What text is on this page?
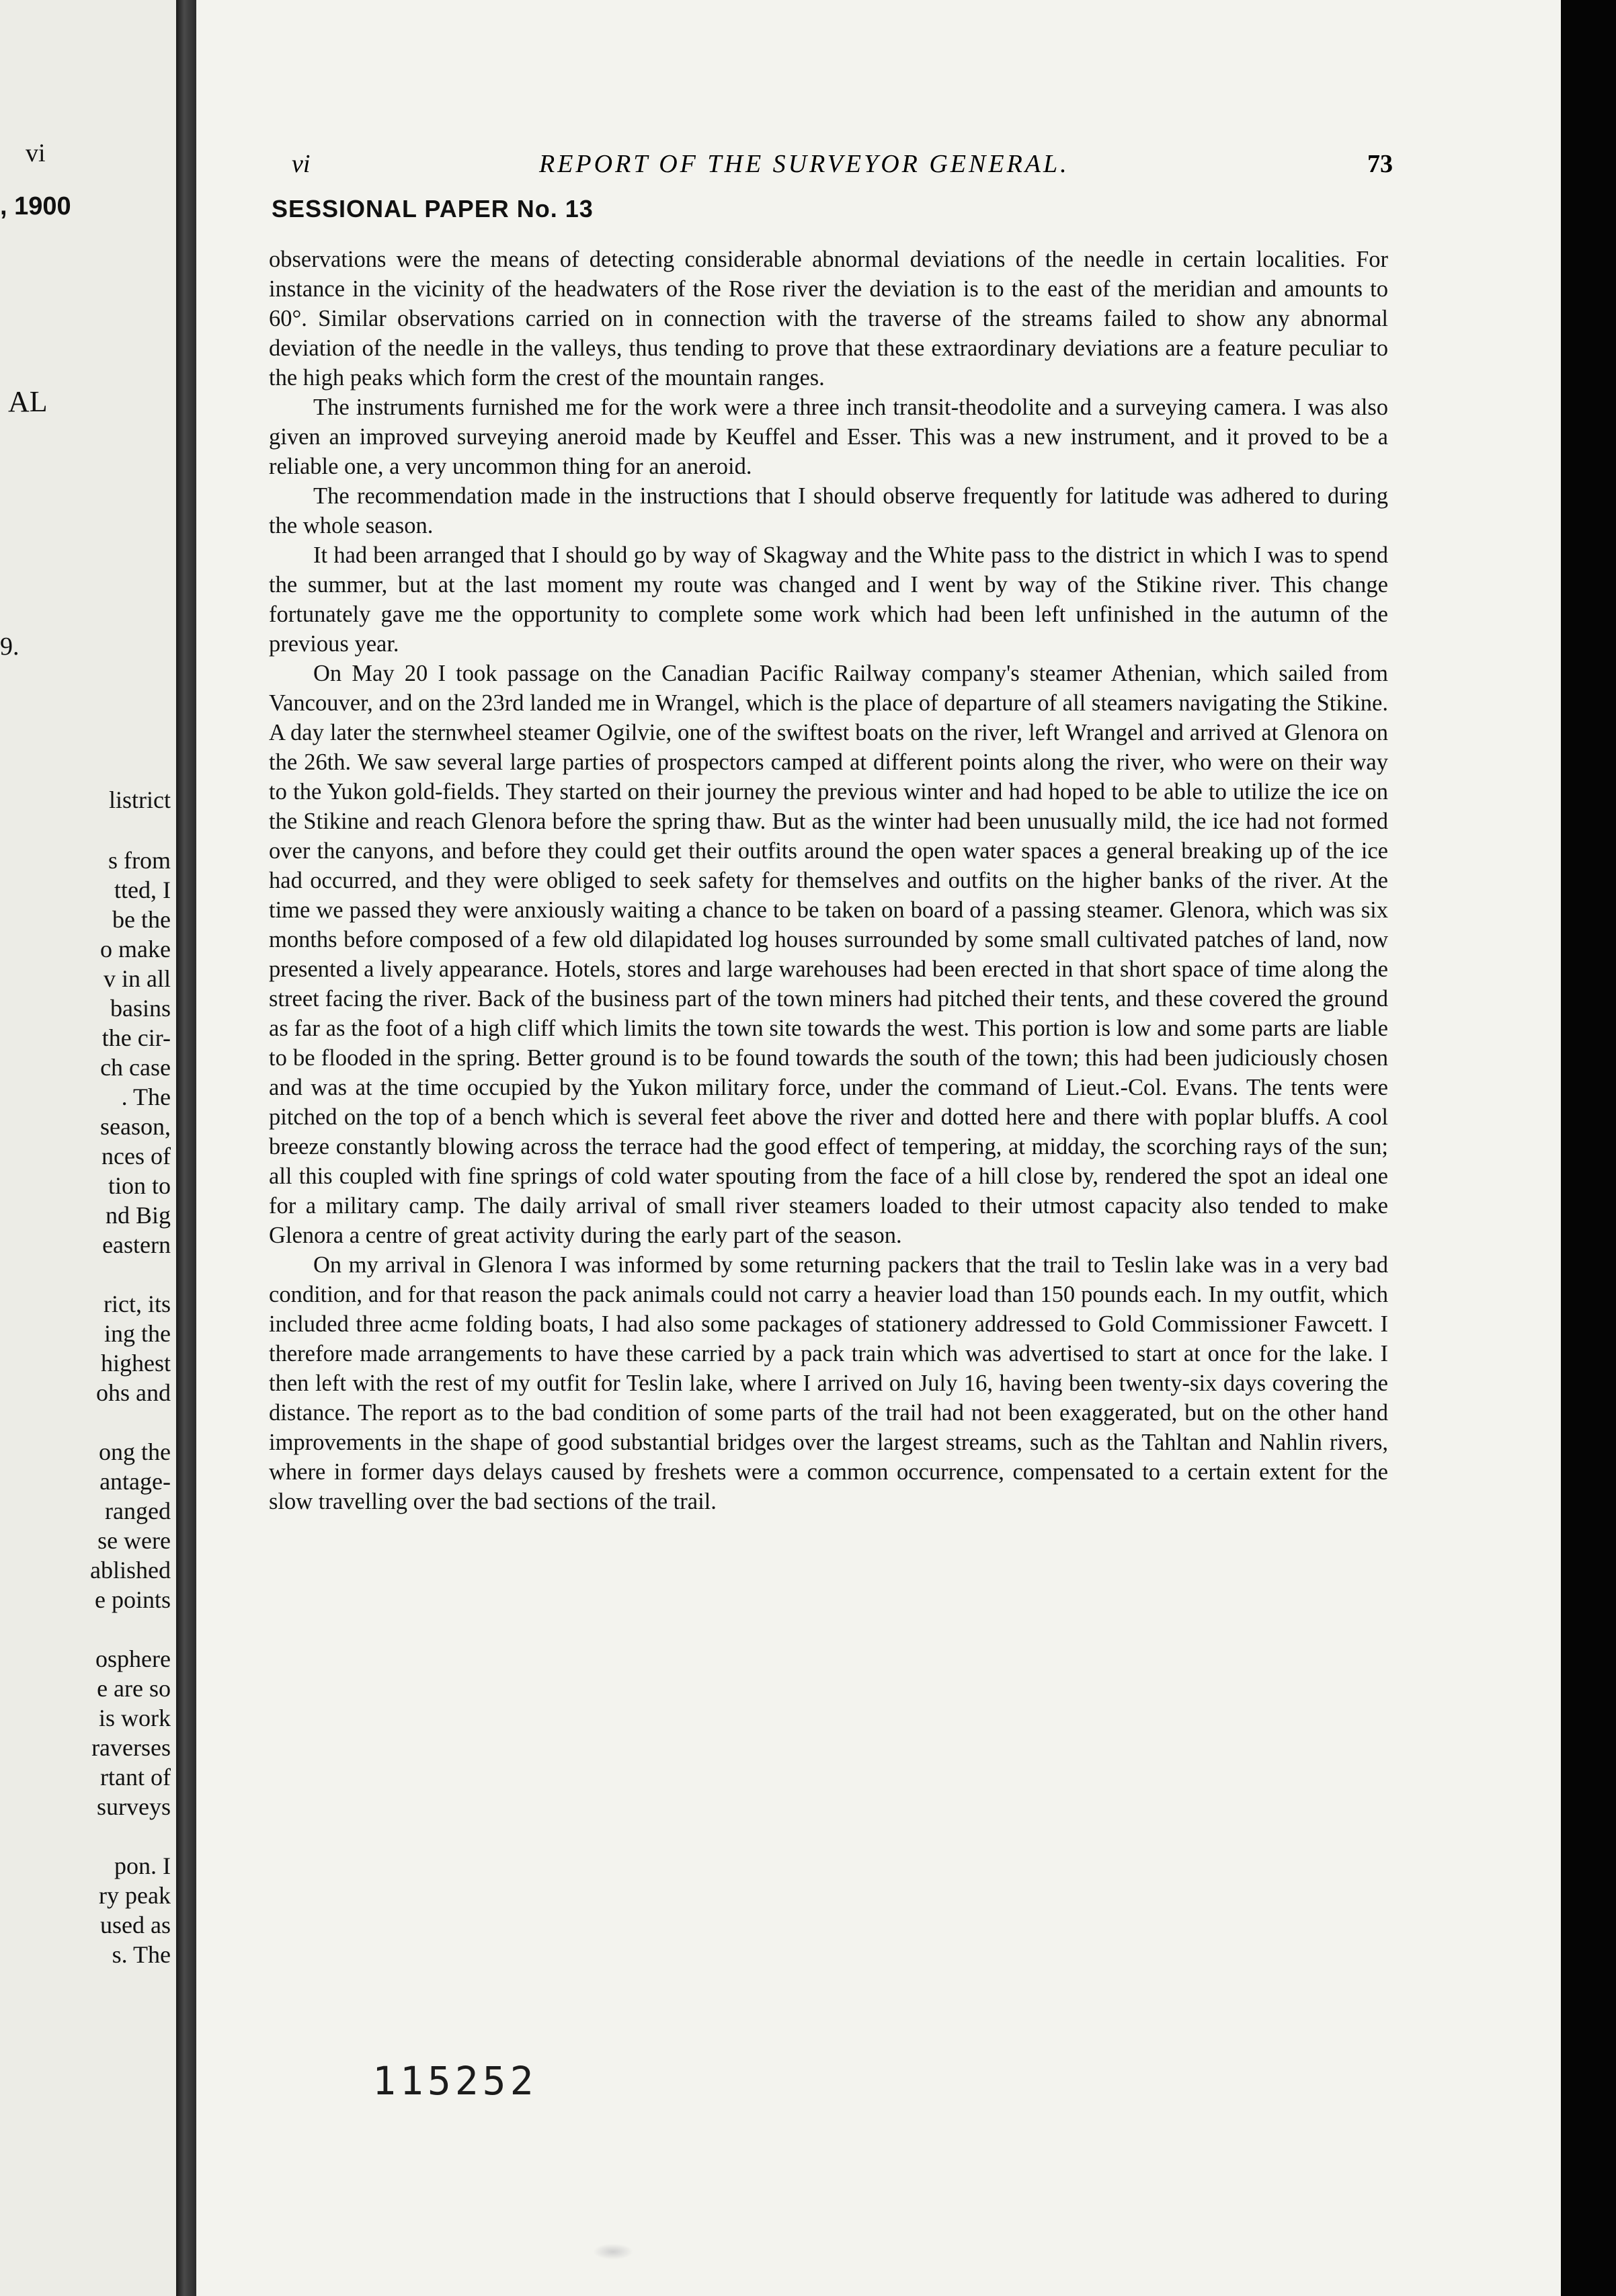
vi
, 1900
AL
9.
listrict
s from
tted, I
be the
o make
v in all
basins
the cir-
ch case
. The
season,
nces of
tion to
nd Big
eastern
rict, its
ing the
highest
ohs and
ong the
antage-
ranged
se were
ablished
e points
osphere
e are so
is work
raverses
rtant of
surveys
pon. I
ry peak
used as
s. The
vi	REPORT OF THE SURVEYOR GENERAL.	73
SESSIONAL PAPER No. 13

observations were the means of detecting considerable abnormal deviations of the needle in certain localities. For instance in the vicinity of the headwaters of the Rose river the deviation is to the east of the meridian and amounts to 60°. Similar observations carried on in connection with the traverse of the streams failed to show any abnormal deviation of the needle in the valleys, thus tending to prove that these extraordinary deviations are a feature peculiar to the high peaks which form the crest of the mountain ranges.

The instruments furnished me for the work were a three inch transit-theodolite and a surveying camera. I was also given an improved surveying aneroid made by Keuffel and Esser. This was a new instrument, and it proved to be a reliable one, a very uncommon thing for an aneroid.

The recommendation made in the instructions that I should observe frequently for latitude was adhered to during the whole season.

It had been arranged that I should go by way of Skagway and the White pass to the district in which I was to spend the summer, but at the last moment my route was changed and I went by way of the Stikine river. This change fortunately gave me the opportunity to complete some work which had been left unfinished in the autumn of the previous year.

On May 20 I took passage on the Canadian Pacific Railway company's steamer Athenian, which sailed from Vancouver, and on the 23rd landed me in Wrangel, which is the place of departure of all steamers navigating the Stikine. A day later the sternwheel steamer Ogilvie, one of the swiftest boats on the river, left Wrangel and arrived at Glenora on the 26th. We saw several large parties of prospectors camped at different points along the river, who were on their way to the Yukon gold-fields. They started on their journey the previous winter and had hoped to be able to utilize the ice on the Stikine and reach Glenora before the spring thaw. But as the winter had been unusually mild, the ice had not formed over the canyons, and before they could get their outfits around the open water spaces a general breaking up of the ice had occurred, and they were obliged to seek safety for themselves and outfits on the higher banks of the river. At the time we passed they were anxiously waiting a chance to be taken on board of a passing steamer. Glenora, which was six months before composed of a few old dilapidated log houses surrounded by some small cultivated patches of land, now presented a lively appearance. Hotels, stores and large warehouses had been erected in that short space of time along the street facing the river. Back of the business part of the town miners had pitched their tents, and these covered the ground as far as the foot of a high cliff which limits the town site towards the west. This portion is low and some parts are liable to be flooded in the spring. Better ground is to be found towards the south of the town; this had been judiciously chosen and was at the time occupied by the Yukon military force, under the command of Lieut.-Col. Evans. The tents were pitched on the top of a bench which is several feet above the river and dotted here and there with poplar bluffs. A cool breeze constantly blowing across the terrace had the good effect of tempering, at midday, the scorching rays of the sun; all this coupled with fine springs of cold water spouting from the face of a hill close by, rendered the spot an ideal one for a military camp. The daily arrival of small river steamers loaded to their utmost capacity also tended to make Glenora a centre of great activity during the early part of the season.

On my arrival in Glenora I was informed by some returning packers that the trail to Teslin lake was in a very bad condition, and for that reason the pack animals could not carry a heavier load than 150 pounds each. In my outfit, which included three acme folding boats, I had also some packages of stationery addressed to Gold Commissioner Fawcett. I therefore made arrangements to have these carried by a pack train which was advertised to start at once for the lake. I then left with the rest of my outfit for Teslin lake, where I arrived on July 16, having been twenty-six days covering the distance. The report as to the bad condition of some parts of the trail had not been exaggerated, but on the other hand improvements in the shape of good substantial bridges over the largest streams, such as the Tahltan and Nahlin rivers, where in former days delays caused by freshets were a common occurrence, compensated to a certain extent for the slow travelling over the bad sections of the trail.

115252
